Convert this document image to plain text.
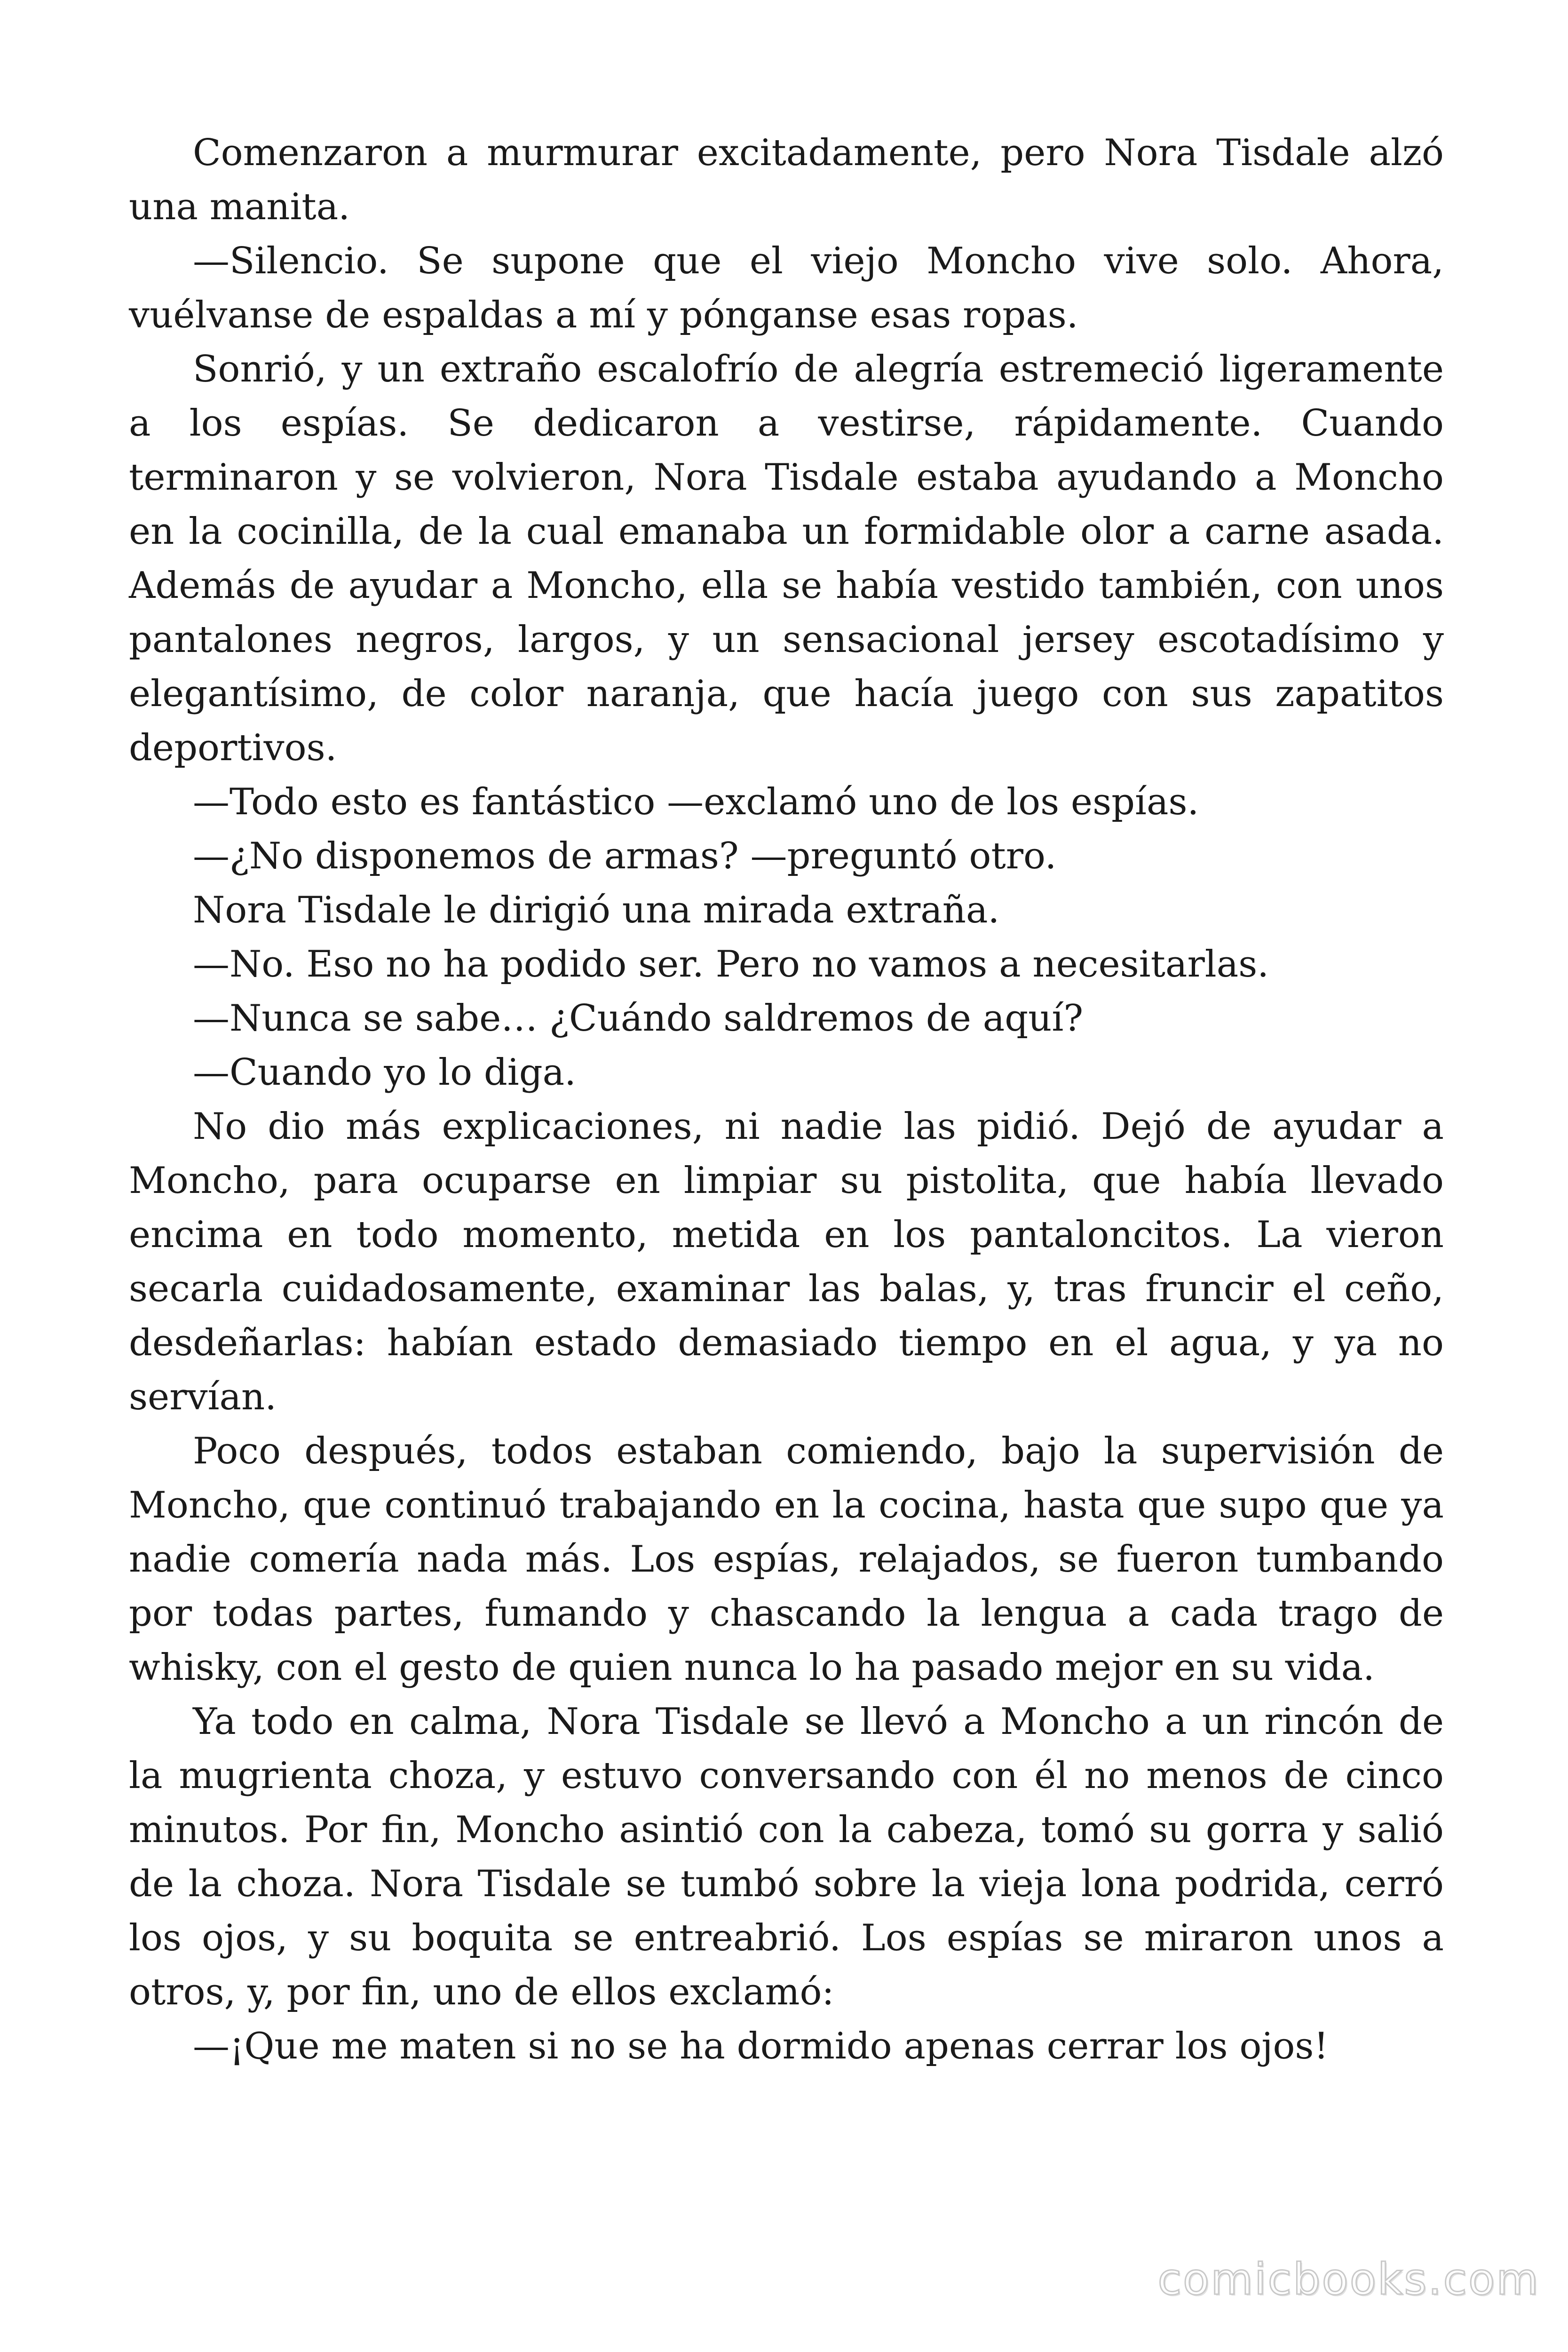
Comenzaron a murmurar excitadamente, pero Nora Tisdale alzó una manita.

—Silencio. Se supone que el viejo Moncho vive solo. Ahora, vuélvanse de espaldas a mí y pónganse esas ropas.

Sonrió, y un extraño escalofrío de alegría estremeció ligeramente a los espías. Se dedicaron a vestirse, rápidamente. Cuando terminaron y se volvieron, Nora Tisdale estaba ayudando a Moncho en la cocinilla, de la cual emanaba un formidable olor a carne asada. Además de ayudar a Moncho, ella se había vestido también, con unos pantalones negros, largos, y un sensacional jersey escotadísimo y elegantísimo, de color naranja, que hacía juego con sus zapatitos deportivos.

—Todo esto es fantástico —exclamó uno de los espías.

—¿No disponemos de armas? —preguntó otro.

Nora Tisdale le dirigió una mirada extraña.

—No. Eso no ha podido ser. Pero no vamos a necesitarlas.

—Nunca se sabe… ¿Cuándo saldremos de aquí?

—Cuando yo lo diga.

No dio más explicaciones, ni nadie las pidió. Dejó de ayudar a Moncho, para ocuparse en limpiar su pistolita, que había llevado encima en todo momento, metida en los pantaloncitos. La vieron secarla cuidadosamente, examinar las balas, y, tras fruncir el ceño, desdeñarlas: habían estado demasiado tiempo en el agua, y ya no servían.

Poco después, todos estaban comiendo, bajo la supervisión de Moncho, que continuó trabajando en la cocina, hasta que supo que ya nadie comería nada más. Los espías, relajados, se fueron tumbando por todas partes, fumando y chascando la lengua a cada trago de whisky, con el gesto de quien nunca lo ha pasado mejor en su vida.

Ya todo en calma, Nora Tisdale se llevó a Moncho a un rincón de la mugrienta choza, y estuvo conversando con él no menos de cinco minutos. Por fin, Moncho asintió con la cabeza, tomó su gorra y salió de la choza. Nora Tisdale se tumbó sobre la vieja lona podrida, cerró los ojos, y su boquita se entreabrió. Los espías se miraron unos a otros, y, por fin, uno de ellos exclamó:

—¡Que me maten si no se ha dormido apenas cerrar los ojos!

comicbooks.com
